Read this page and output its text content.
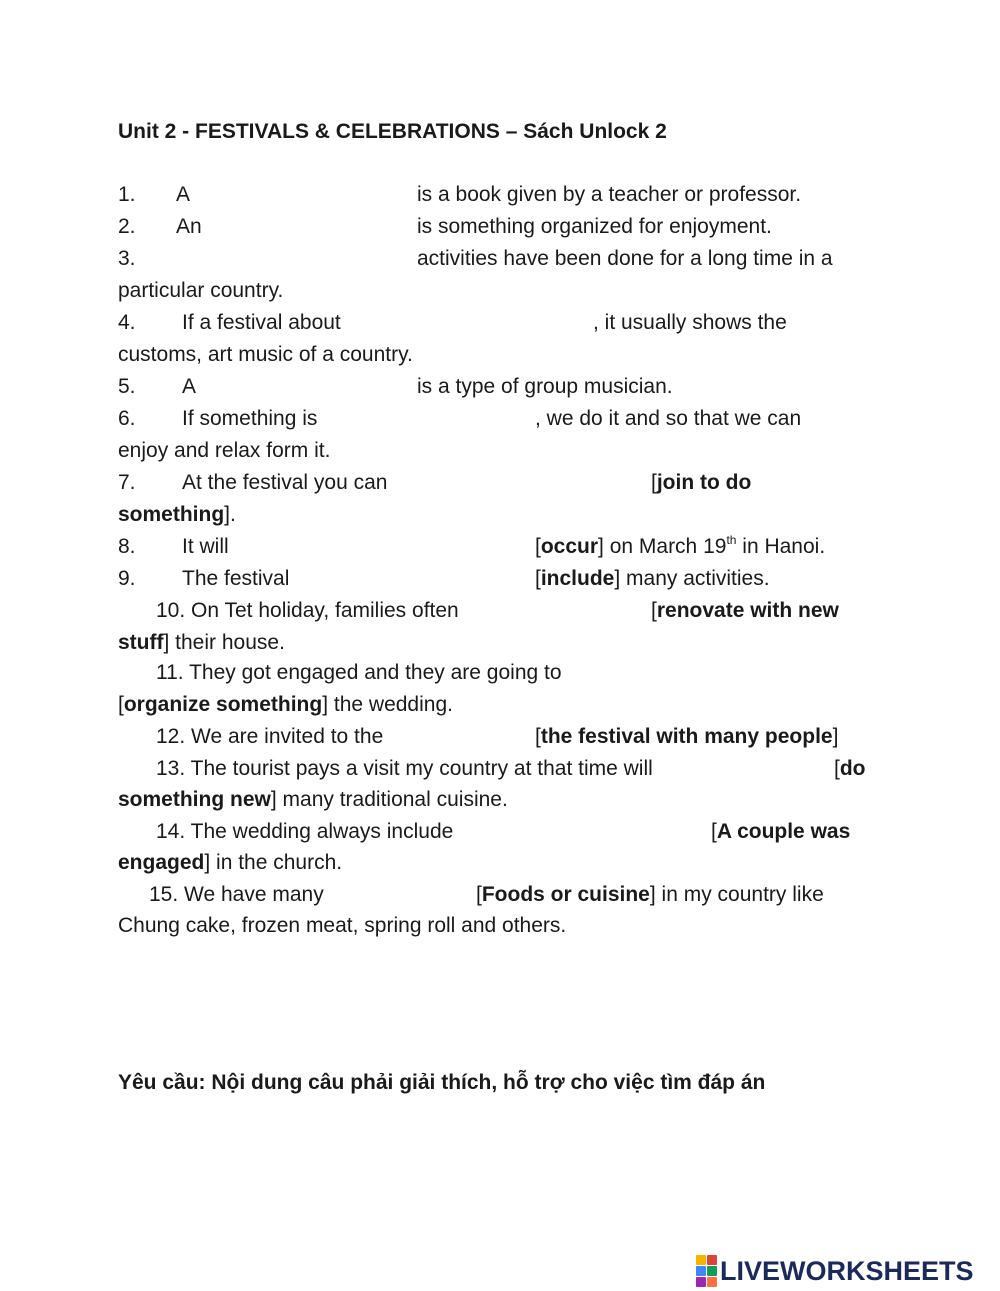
Unit 2 - FESTIVALS & CELEBRATIONS – Sách Unlock 2
1. A	is a book given by a teacher or professor.
2. An	is something organized for enjoyment.
3.	activities have been done for a long time in a
particular country.
4. If a festival about	, it usually shows the
customs, art music of a country.
5. A	is a type of group musician.
6. If something is	, we do it and so that we can
enjoy and relax form it.
7. At the festival you can	[join to do
something].
8. It will	[occur] on March 19th in Hanoi.
9. The festival	[include] many activities.
10. On Tet holiday, families often	[renovate with new
stuff] their house.
11. They got engaged and they are going to
[organize something] the wedding.
12. We are invited to the	[the festival with many people]
13. The tourist pays a visit my country at that time will	[do
something new] many traditional cuisine.
14. The wedding always include	[A couple was
engaged] in the church.
15. We have many	[Foods or cuisine] in my country like
Chung cake, frozen meat, spring roll and others.
Yêu cầu: Nội dung câu phải giải thích, hỗ trợ cho việc tìm đáp án
LIVEWORKSHEETS
